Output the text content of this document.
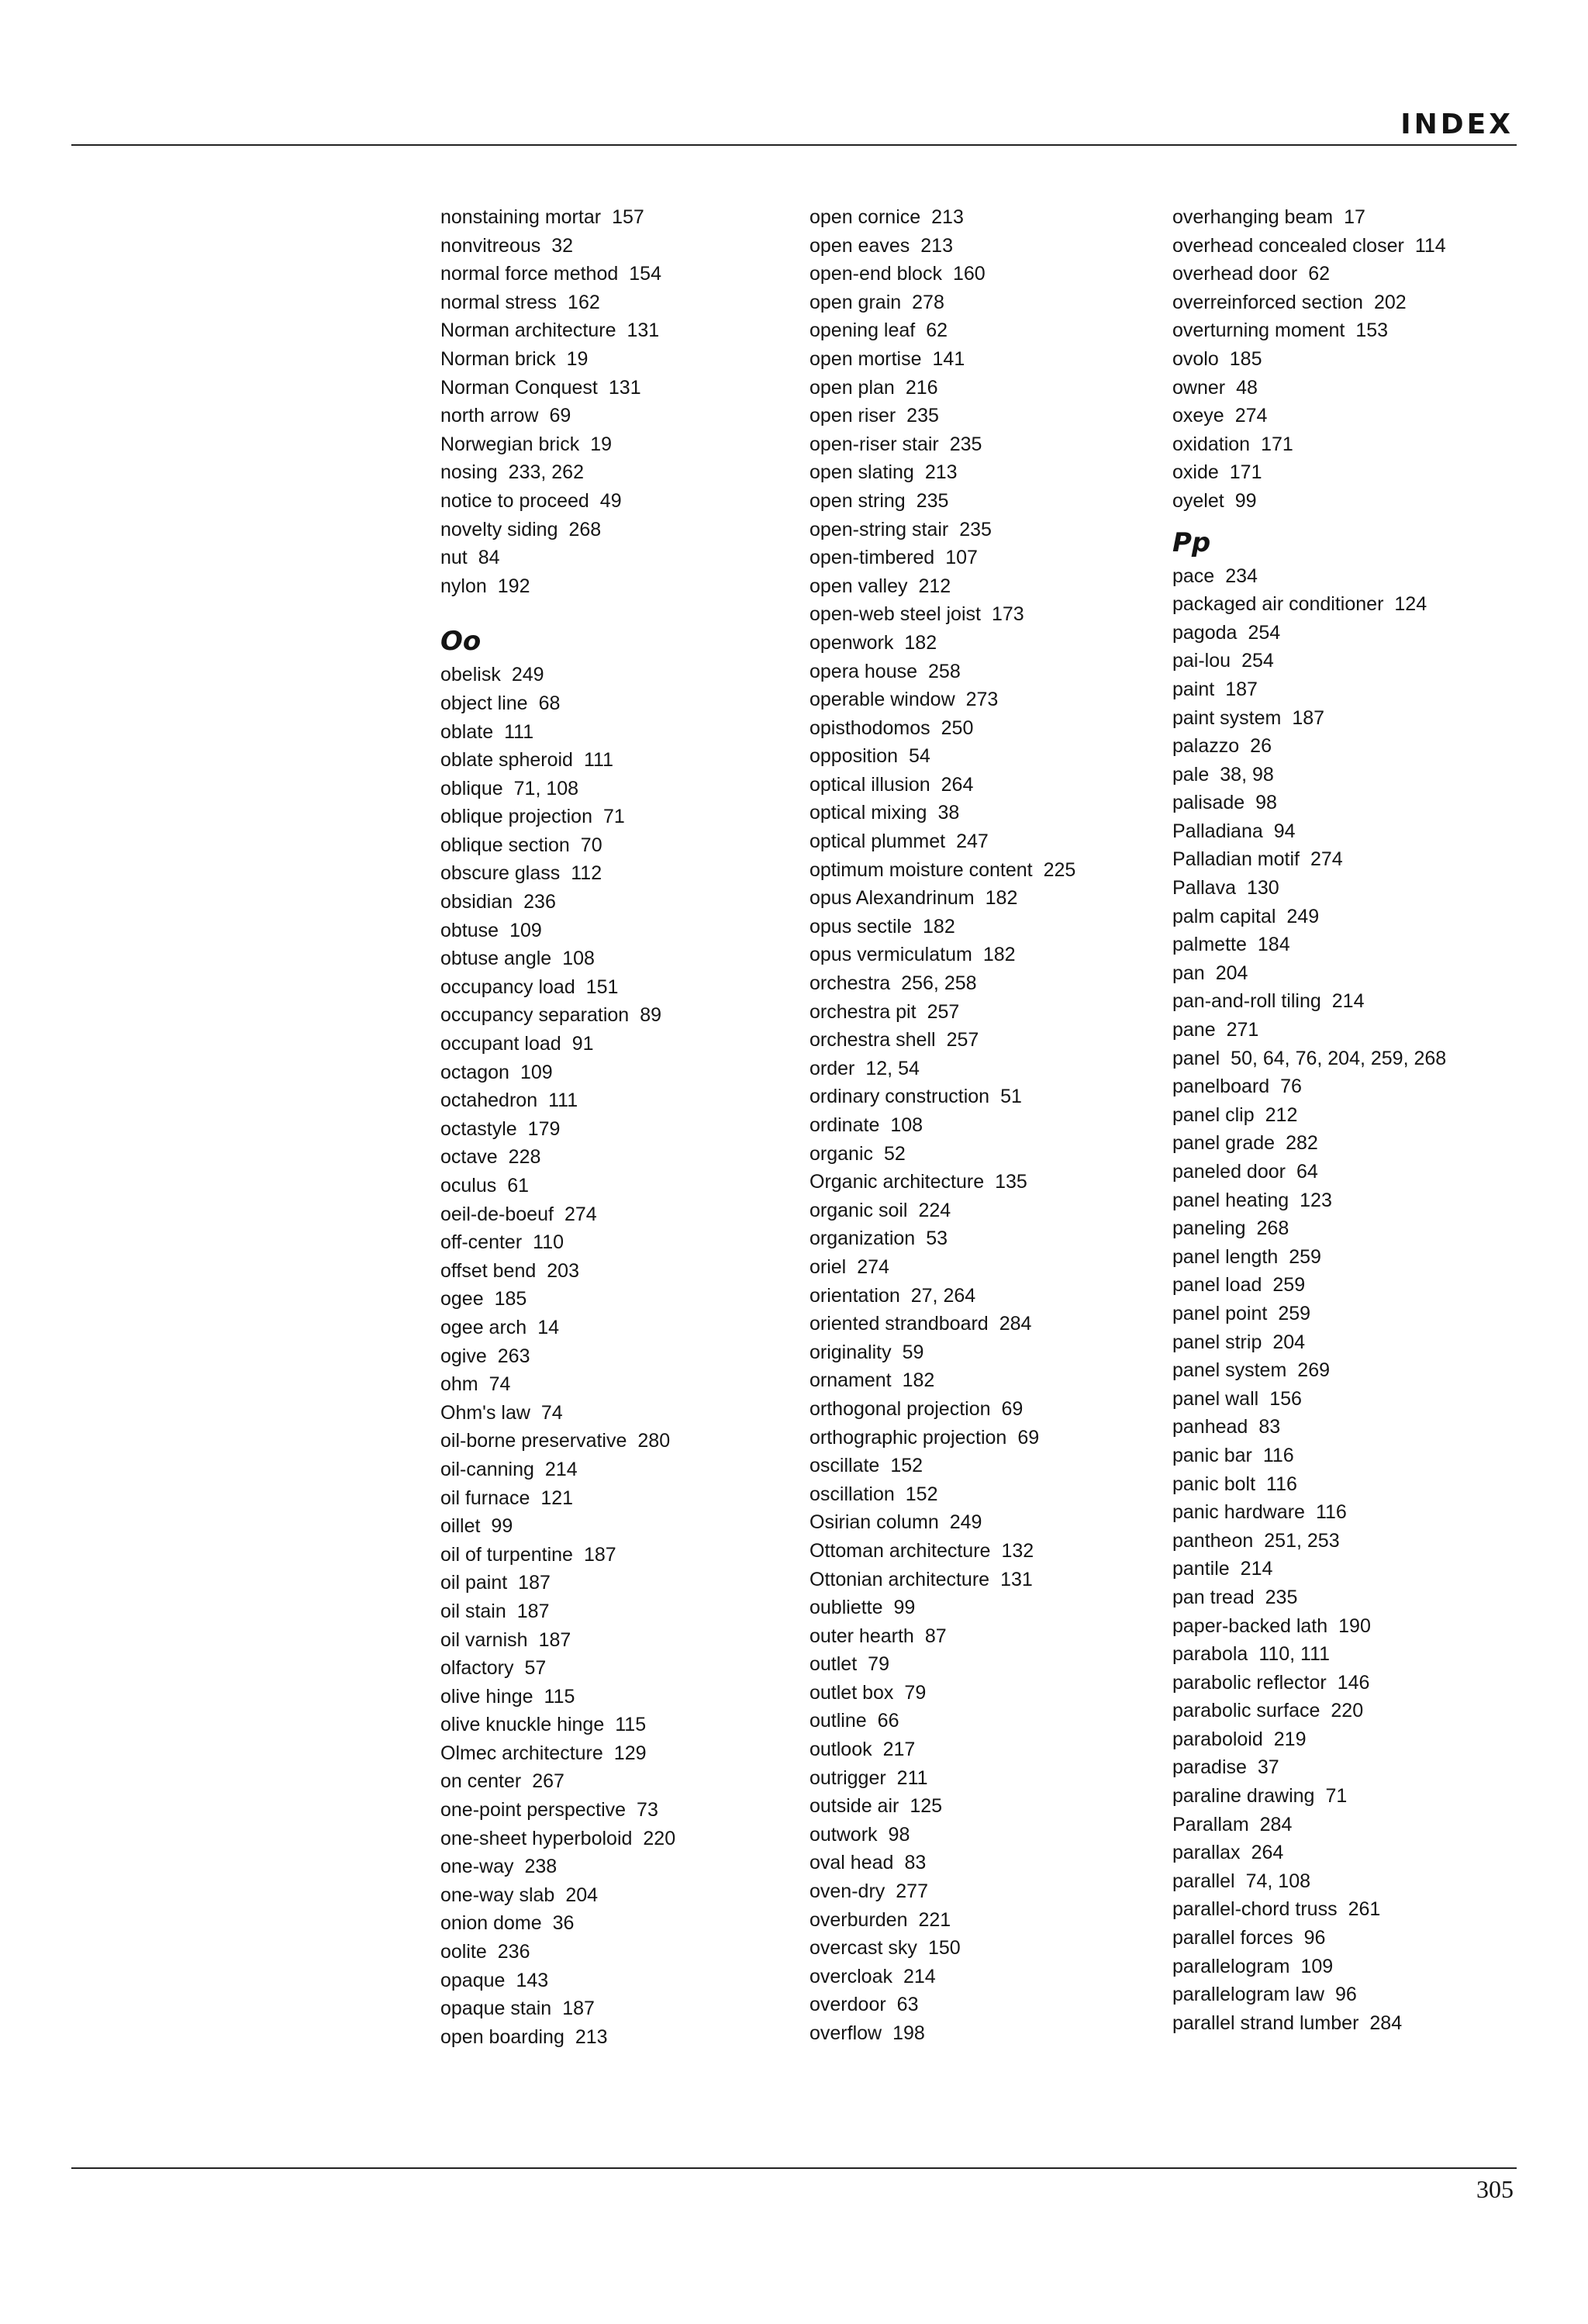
INDEX
nonstaining mortar 157
nonvitreous 32
normal force method 154
normal stress 162
Norman architecture 131
Norman brick 19
Norman Conquest 131
north arrow 69
Norwegian brick 19
nosing 233, 262
notice to proceed 49
novelty siding 268
nut 84
nylon 192
Oo
obelisk 249
object line 68
oblate 111
oblate spheroid 111
oblique 71, 108
oblique projection 71
oblique section 70
obscure glass 112
obsidian 236
obtuse 109
obtuse angle 108
occupancy load 151
occupancy separation 89
occupant load 91
octagon 109
octahedron 111
octastyle 179
octave 228
oculus 61
oeil-de-boeuf 274
off-center 110
offset bend 203
ogee 185
ogee arch 14
ogive 263
ohm 74
Ohm's law 74
oil-borne preservative 280
oil-canning 214
oil furnace 121
oillet 99
oil of turpentine 187
oil paint 187
oil stain 187
oil varnish 187
olfactory 57
olive hinge 115
olive knuckle hinge 115
Olmec architecture 129
on center 267
one-point perspective 73
one-sheet hyperboloid 220
one-way 238
one-way slab 204
onion dome 36
oolite 236
opaque 143
opaque stain 187
open boarding 213
open cornice 213
open eaves 213
open-end block 160
open grain 278
opening leaf 62
open mortise 141
open plan 216
open riser 235
open-riser stair 235
open slating 213
open string 235
open-string stair 235
open-timbered 107
open valley 212
open-web steel joist 173
openwork 182
opera house 258
operable window 273
opisthodomos 250
opposition 54
optical illusion 264
optical mixing 38
optical plummet 247
optimum moisture content 225
opus Alexandrinum 182
opus sectile 182
opus vermiculatum 182
orchestra 256, 258
orchestra pit 257
orchestra shell 257
order 12, 54
ordinary construction 51
ordinate 108
organic 52
Organic architecture 135
organic soil 224
organization 53
oriel 274
orientation 27, 264
oriented strandboard 284
originality 59
ornament 182
orthogonal projection 69
orthographic projection 69
oscillate 152
oscillation 152
Osirian column 249
Ottoman architecture 132
Ottonian architecture 131
oubliette 99
outer hearth 87
outlet 79
outlet box 79
outline 66
outlook 217
outrigger 211
outside air 125
outwork 98
oval head 83
oven-dry 277
overburden 221
overcast sky 150
overcloak 214
overdoor 63
overflow 198
overhanging beam 17
overhead concealed closer 114
overhead door 62
overreinforced section 202
overturning moment 153
ovolo 185
owner 48
oxeye 274
oxidation 171
oxide 171
oyelet 99
Pp
pace 234
packaged air conditioner 124
pagoda 254
pai-lou 254
paint 187
paint system 187
palazzo 26
pale 38, 98
palisade 98
Palladiana 94
Palladian motif 274
Pallava 130
palm capital 249
palmette 184
pan 204
pan-and-roll tiling 214
pane 271
panel 50, 64, 76, 204, 259, 268
panelboard 76
panel clip 212
panel grade 282
paneled door 64
panel heating 123
paneling 268
panel length 259
panel load 259
panel point 259
panel strip 204
panel system 269
panel wall 156
panhead 83
panic bar 116
panic bolt 116
panic hardware 116
pantheon 251, 253
pantile 214
pan tread 235
paper-backed lath 190
parabola 110, 111
parabolic reflector 146
parabolic surface 220
paraboloid 219
paradise 37
paraline drawing 71
Parallam 284
parallax 264
parallel 74, 108
parallel-chord truss 261
parallel forces 96
parallelogram 109
parallelogram law 96
parallel strand lumber 284
305
